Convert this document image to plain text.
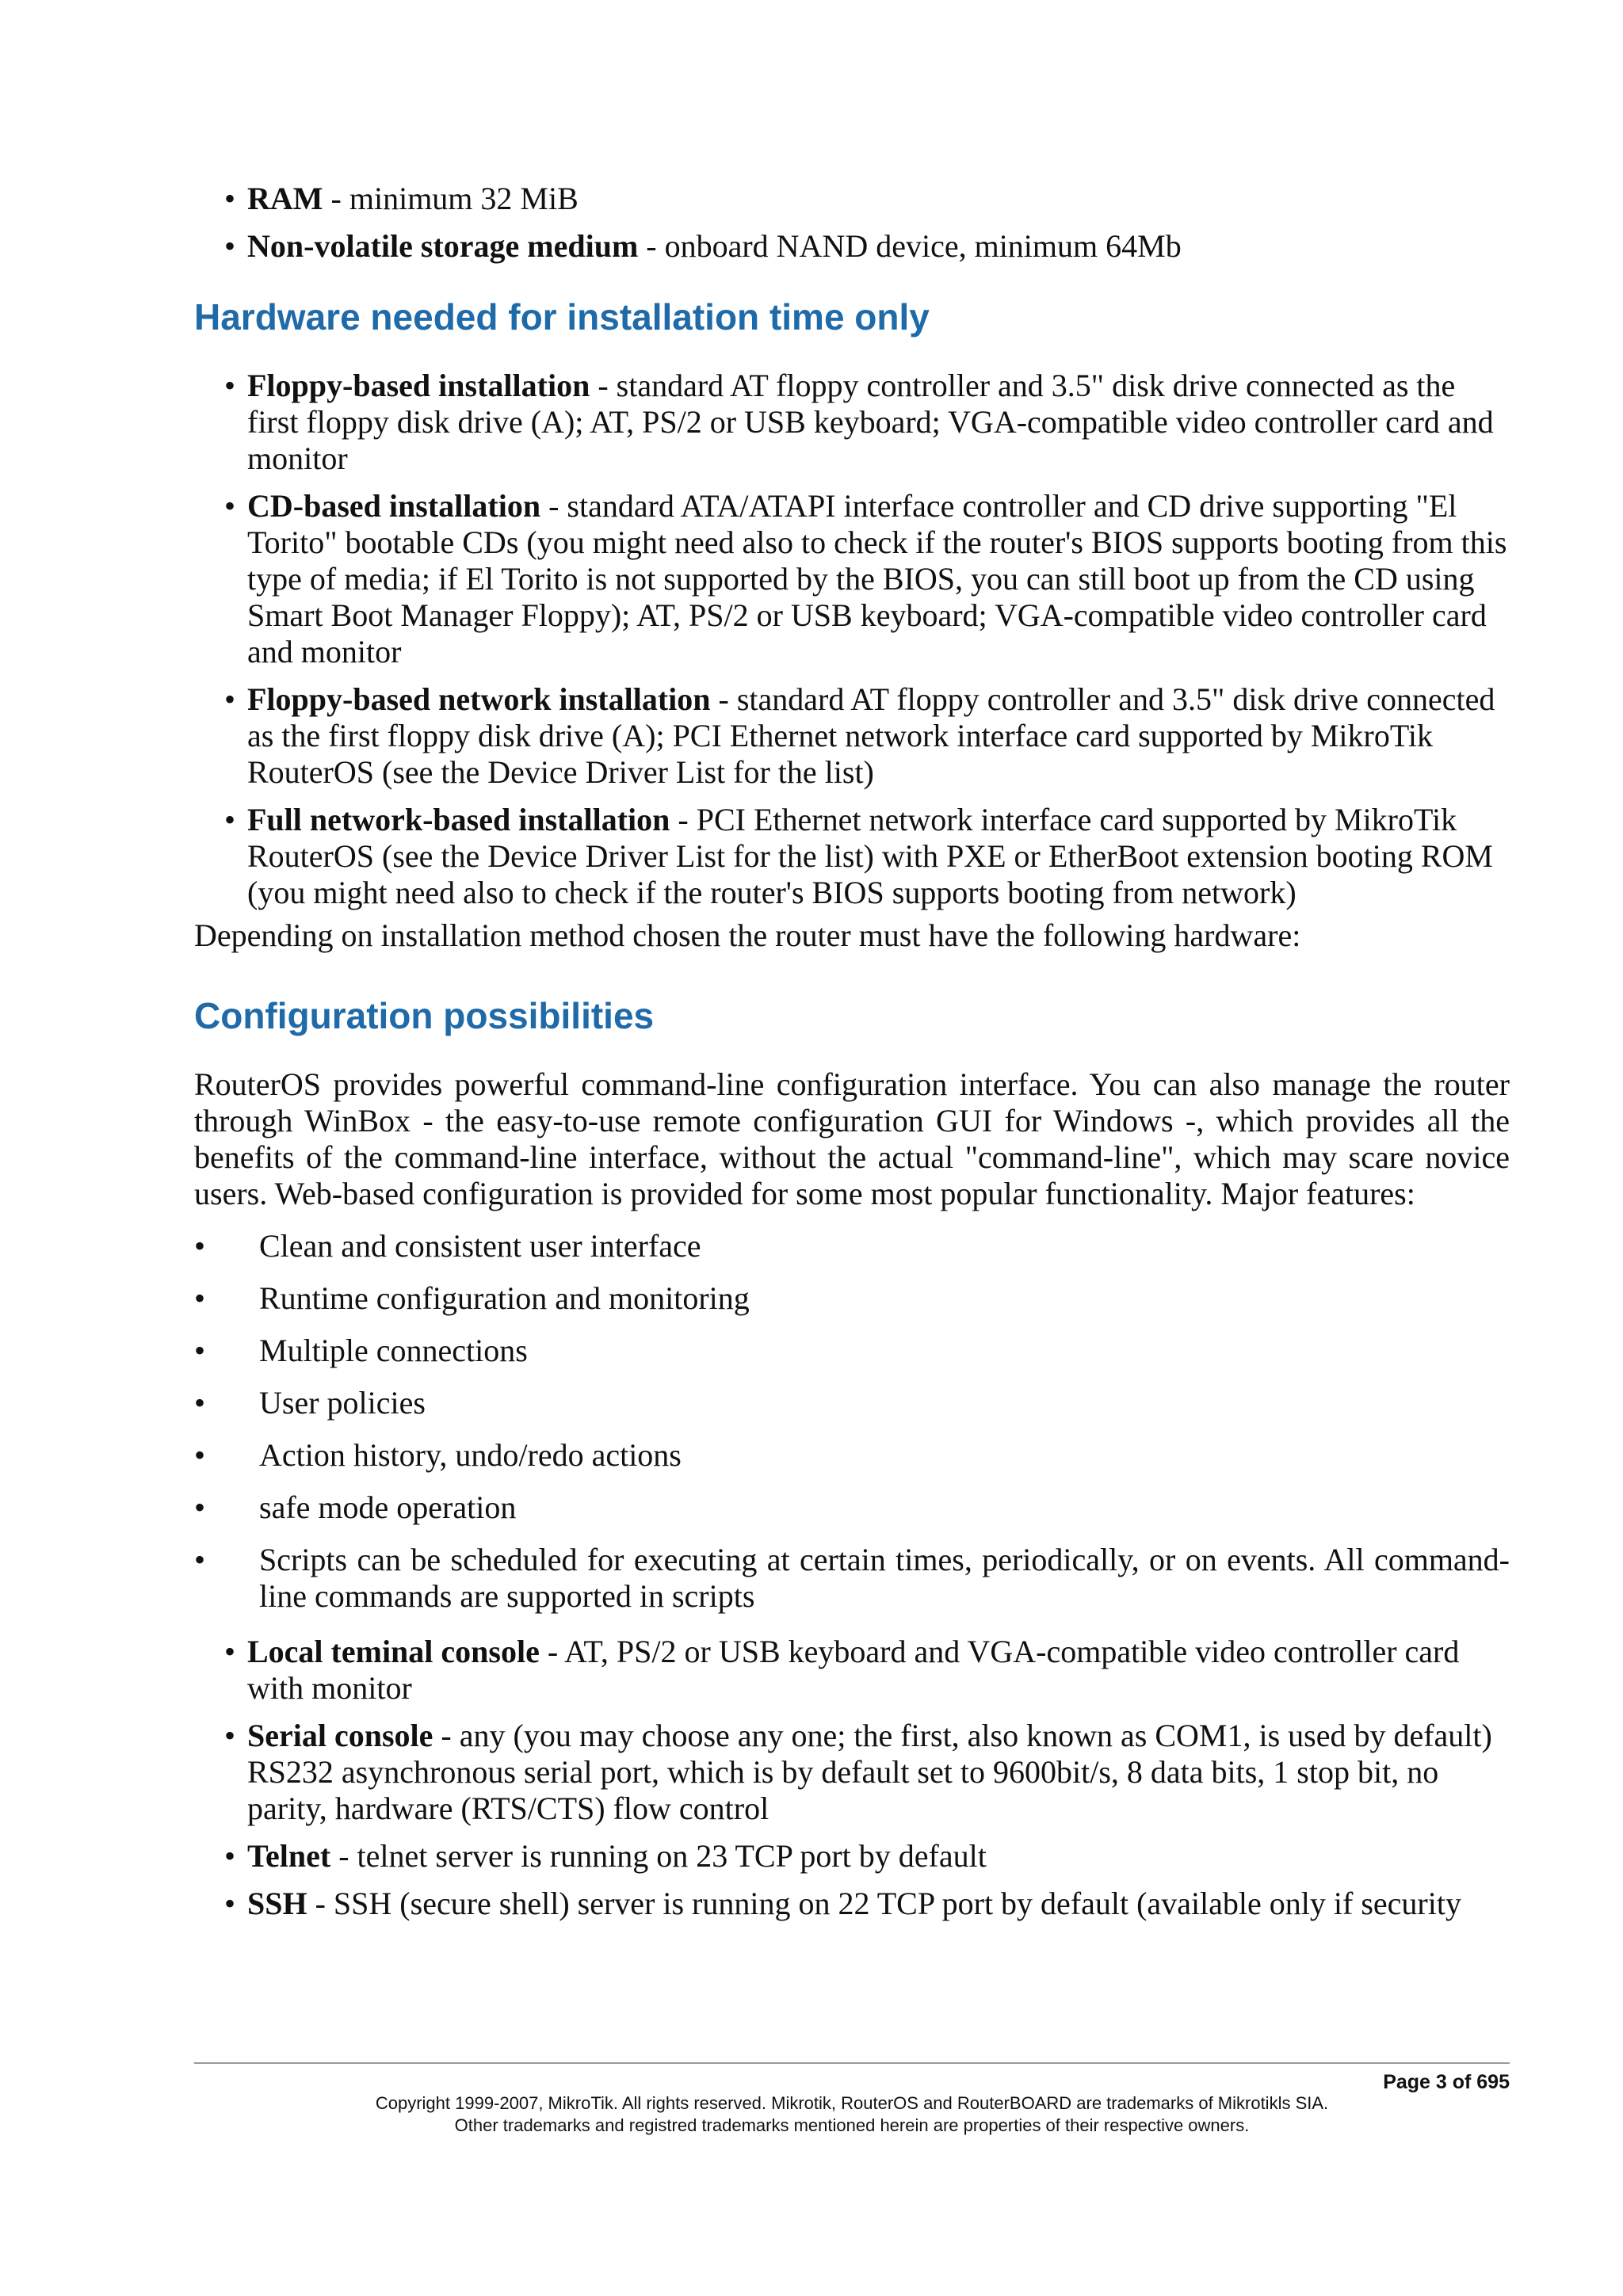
• RAM - minimum 32 MiB
• Non-volatile storage medium - onboard NAND device, minimum 64Mb
Hardware needed for installation time only
• Floppy-based installation - standard AT floppy controller and 3.5" disk drive connected as the first floppy disk drive (A); AT, PS/2 or USB keyboard; VGA-compatible video controller card and monitor
• CD-based installation - standard ATA/ATAPI interface controller and CD drive supporting "El Torito" bootable CDs (you might need also to check if the router's BIOS supports booting from this type of media; if El Torito is not supported by the BIOS, you can still boot up from the CD using Smart Boot Manager Floppy); AT, PS/2 or USB keyboard; VGA-compatible video controller card and monitor
• Floppy-based network installation - standard AT floppy controller and 3.5" disk drive connected as the first floppy disk drive (A); PCI Ethernet network interface card supported by MikroTik RouterOS (see the Device Driver List for the list)
• Full network-based installation - PCI Ethernet network interface card supported by MikroTik RouterOS (see the Device Driver List for the list) with PXE or EtherBoot extension booting ROM (you might need also to check if the router's BIOS supports booting from network)

Depending on installation method chosen the router must have the following hardware:

Configuration possibilities

RouterOS provides powerful command-line configuration interface. You can also manage the router through WinBox - the easy-to-use remote configuration GUI for Windows -, which provides all the benefits of the command-line interface, without the actual "command-line", which may scare novice users. Web-based configuration is provided for some most popular functionality. Major features:

• Clean and consistent user interface
• Runtime configuration and monitoring
• Multiple connections
• User policies
• Action history, undo/redo actions
• safe mode operation
• Scripts can be scheduled for executing at certain times, periodically, or on events. All command-line commands are supported in scripts
• Local teminal console - AT, PS/2 or USB keyboard and VGA-compatible video controller card with monitor
• Serial console - any (you may choose any one; the first, also known as COM1, is used by default) RS232 asynchronous serial port, which is by default set to 9600bit/s, 8 data bits, 1 stop bit, no parity, hardware (RTS/CTS) flow control
• Telnet - telnet server is running on 23 TCP port by default
• SSH - SSH (secure shell) server is running on 22 TCP port by default (available only if security
Page 3 of 695
Copyright 1999-2007, MikroTik. All rights reserved. Mikrotik, RouterOS and RouterBOARD are trademarks of Mikrotikls SIA.
Other trademarks and registred trademarks mentioned herein are properties of their respective owners.
